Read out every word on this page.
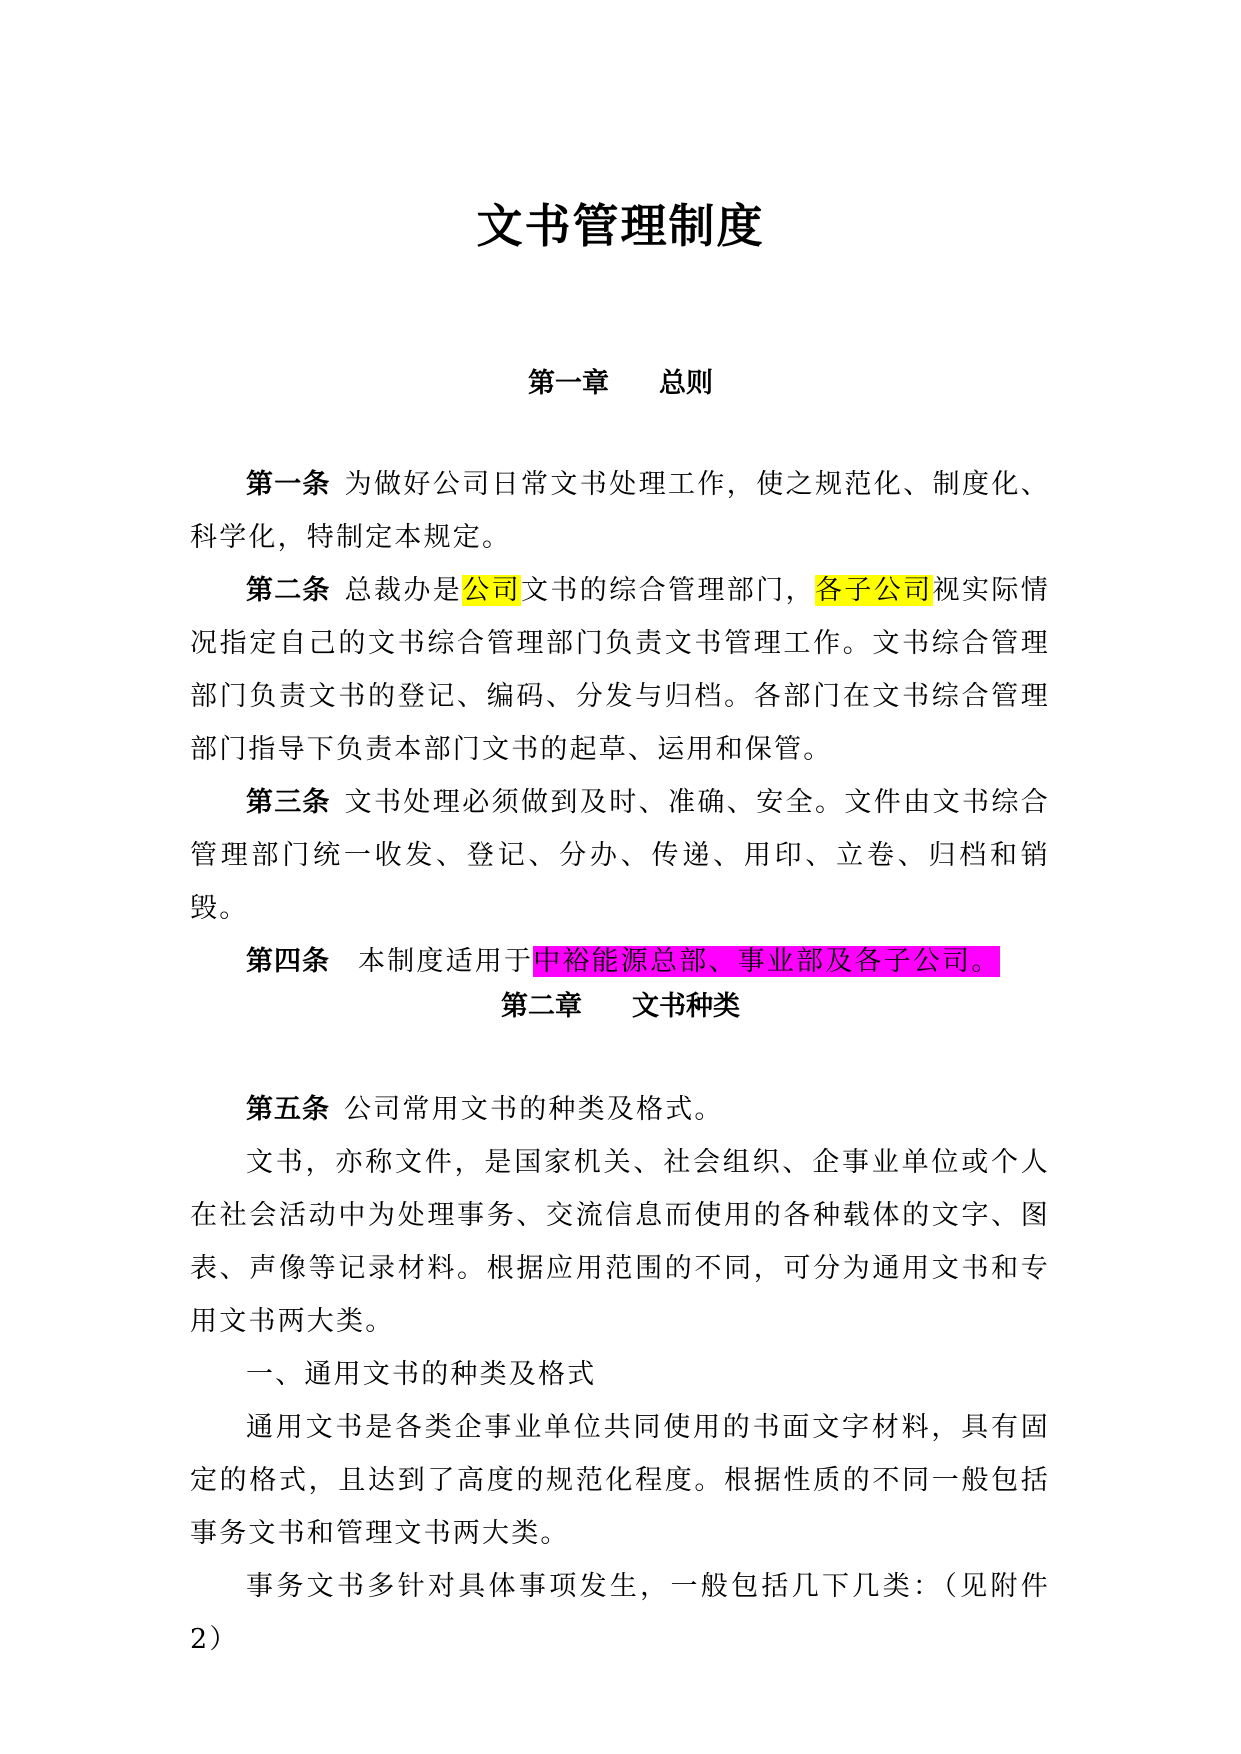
文书管理制度
第一章 总则

第一条 为做好公司日常文书处理工作，使之规范化、制度化、科学化，特制定本规定。

第二条 总裁办是公司文书的综合管理部门，各子公司视实际情况指定自己的文书综合管理部门负责文书管理工作。文书综合管理部门负责文书的登记、编码、分发与归档。各部门在文书综合管理部门指导下负责本部门文书的起草、运用和保管。

第三条 文书处理必须做到及时、准确、安全。文件由文书综合管理部门统一收发、登记、分办、传递、用印、立卷、归档和销毁。

第四条 本制度适用于中裕能源总部、事业部及各子公司。

第二章 文书种类

第五条 公司常用文书的种类及格式。

文书，亦称文件，是国家机关、社会组织、企事业单位或个人在社会活动中为处理事务、交流信息而使用的各种载体的文字、图表、声像等记录材料。根据应用范围的不同，可分为通用文书和专用文书两大类。

一、通用文书的种类及格式

通用文书是各类企事业单位共同使用的书面文字材料，具有固定的格式，且达到了高度的规范化程度。根据性质的不同一般包括事务文书和管理文书两大类。

事务文书多针对具体事项发生，一般包括几下几类：（见附件 2）
